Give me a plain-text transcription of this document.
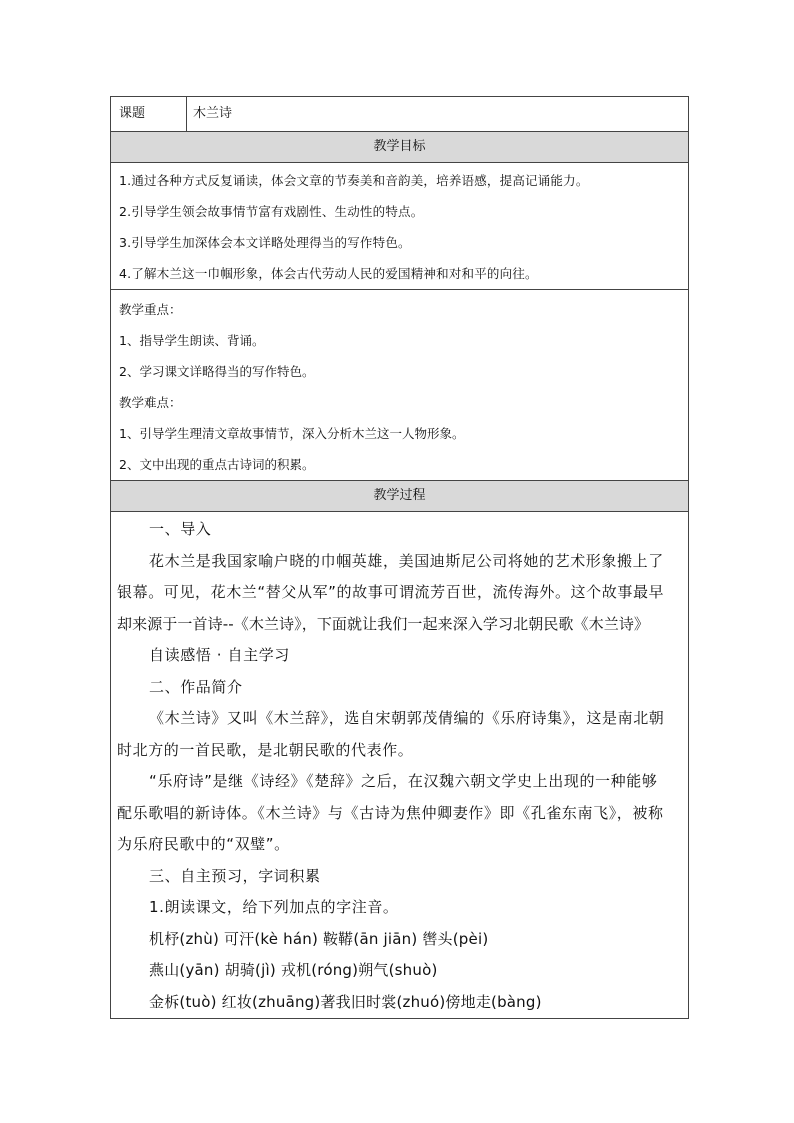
课题	木兰诗
教学目标

1.通过各种方式反复诵读，体会文章的节奏美和音韵美，培养语感，提高记诵能力。

2.引导学生领会故事情节富有戏剧性、生动性的特点。

3.引导学生加深体会本文详略处理得当的写作特色。

4.了解木兰这一巾帼形象，体会古代劳动人民的爱国精神和对和平的向往。

教学重点：

1、指导学生朗读、背诵。

2、学习课文详略得当的写作特色。

教学难点：

1、引导学生理清文章故事情节，深入分析木兰这一人物形象。

2、文中出现的重点古诗词的积累。

教学过程

一、导入

花木兰是我国家喻户晓的巾帼英雄，美国迪斯尼公司将她的艺术形象搬上了

银幕。可见，花木兰“替父从军”的故事可谓流芳百世，流传海外。这个故事最早

却来源于一首诗--《木兰诗》，下面就让我们一起来深入学习北朝民歌《木兰诗》

自读感悟 · 自主学习

二、作品简介

《木兰诗》又叫《木兰辞》，选自宋朝郭茂倩编的《乐府诗集》，这是南北朝

时北方的一首民歌，是北朝民歌的代表作。

“乐府诗”是继《诗经》《楚辞》之后，在汉魏六朝文学史上出现的一种能够

配乐歌唱的新诗体。《木兰诗》与《古诗为焦仲卿妻作》即《孔雀东南飞》，被称

为乐府民歌中的“双璧”。

三、自主预习，字词积累

1.朗读课文，给下列加点的字注音。

机杼(zhù) 可汗(kè hán) 鞍鞯(ān jiān) 辔头(pèi)

燕山(yān) 胡骑(jì) 戎机(róng)朔气(shuò)

金柝(tuò) 红妆(zhuāng)著我旧时裳(zhuó)傍地走(bàng)
